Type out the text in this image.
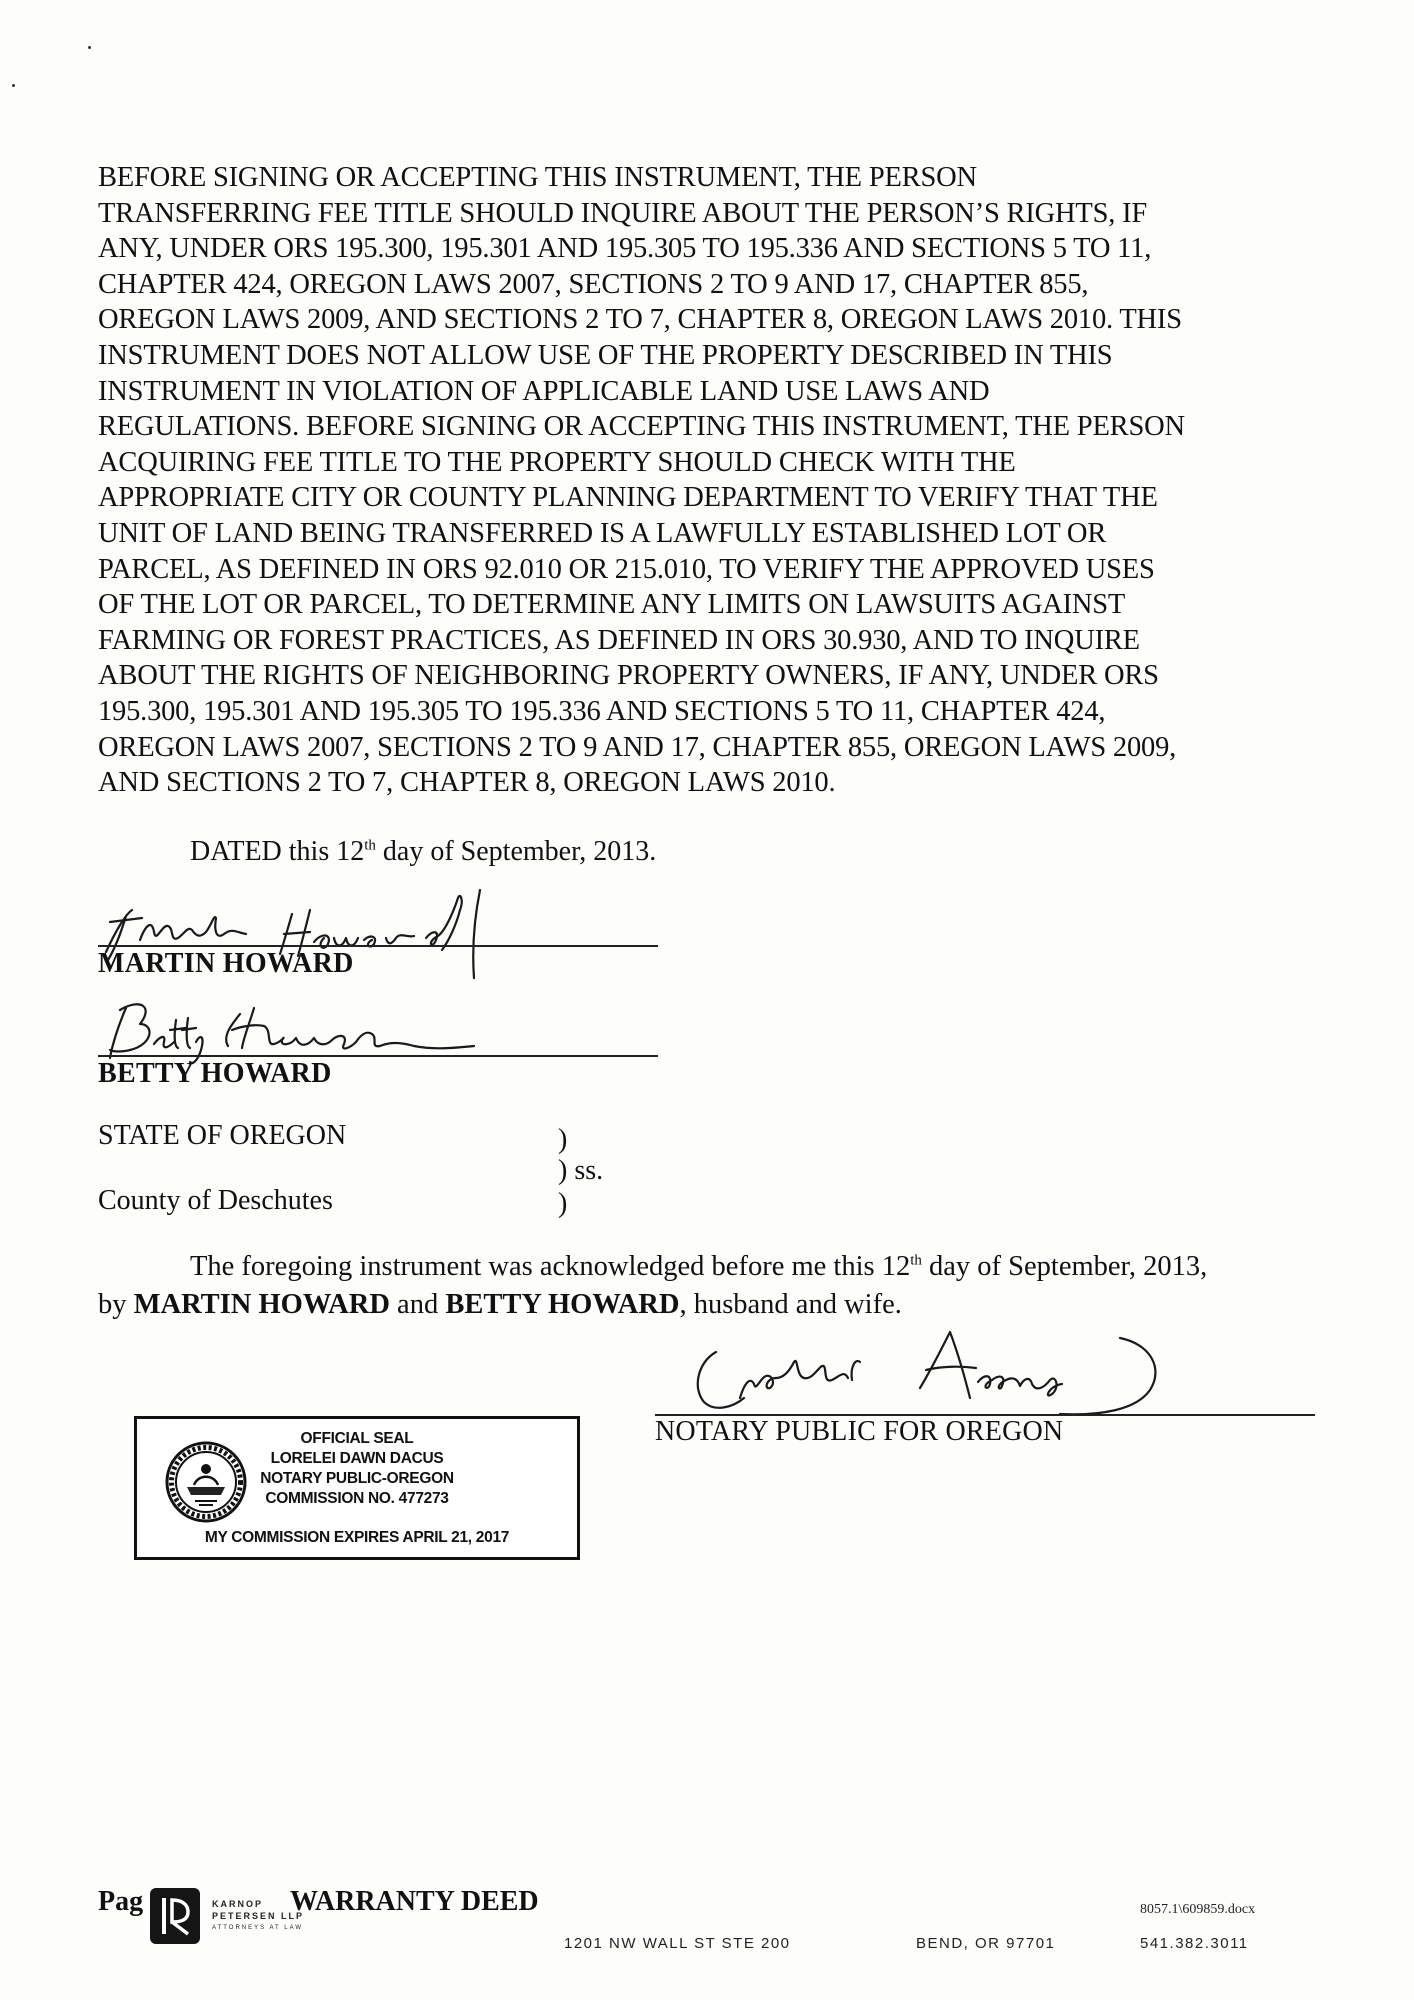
BEFORE SIGNING OR ACCEPTING THIS INSTRUMENT, THE PERSON
TRANSFERRING FEE TITLE SHOULD INQUIRE ABOUT THE PERSON’S RIGHTS, IF
ANY, UNDER ORS 195.300, 195.301 AND 195.305 TO 195.336 AND SECTIONS 5 TO 11,
CHAPTER 424, OREGON LAWS 2007, SECTIONS 2 TO 9 AND 17, CHAPTER 855,
OREGON LAWS 2009, AND SECTIONS 2 TO 7, CHAPTER 8, OREGON LAWS 2010. THIS
INSTRUMENT DOES NOT ALLOW USE OF THE PROPERTY DESCRIBED IN THIS
INSTRUMENT IN VIOLATION OF APPLICABLE LAND USE LAWS AND
REGULATIONS. BEFORE SIGNING OR ACCEPTING THIS INSTRUMENT, THE PERSON
ACQUIRING FEE TITLE TO THE PROPERTY SHOULD CHECK WITH THE
APPROPRIATE CITY OR COUNTY PLANNING DEPARTMENT TO VERIFY THAT THE
UNIT OF LAND BEING TRANSFERRED IS A LAWFULLY ESTABLISHED LOT OR
PARCEL, AS DEFINED IN ORS 92.010 OR 215.010, TO VERIFY THE APPROVED USES
OF THE LOT OR PARCEL, TO DETERMINE ANY LIMITS ON LAWSUITS AGAINST
FARMING OR FOREST PRACTICES, AS DEFINED IN ORS 30.930, AND TO INQUIRE
ABOUT THE RIGHTS OF NEIGHBORING PROPERTY OWNERS, IF ANY, UNDER ORS
195.300, 195.301 AND 195.305 TO 195.336 AND SECTIONS 5 TO 11, CHAPTER 424,
OREGON LAWS 2007, SECTIONS 2 TO 9 AND 17, CHAPTER 855, OREGON LAWS 2009,
AND SECTIONS 2 TO 7, CHAPTER 8, OREGON LAWS 2010.
DATED this 12th day of September, 2013.
MARTIN HOWARD
BETTY HOWARD
STATE OF OREGON
County of Deschutes
)
) ss.
)
The foregoing instrument was acknowledged before me this 12th day of September, 2013,
by MARTIN HOWARD and BETTY HOWARD, husband and wife.
NOTARY PUBLIC FOR OREGON
OFFICIAL SEAL
LORELEI DAWN DACUS
NOTARY PUBLIC-OREGON
COMMISSION NO. 477273
MY COMMISSION EXPIRES APRIL 21, 2017
Pag	KARNOP
PETERSEN LLP
ATTORNEYS AT LAW
WARRANTY DEED	8057.1\609859.docx
1201 NW WALL ST STE 200	BEND, OR 97701	541.382.3011
